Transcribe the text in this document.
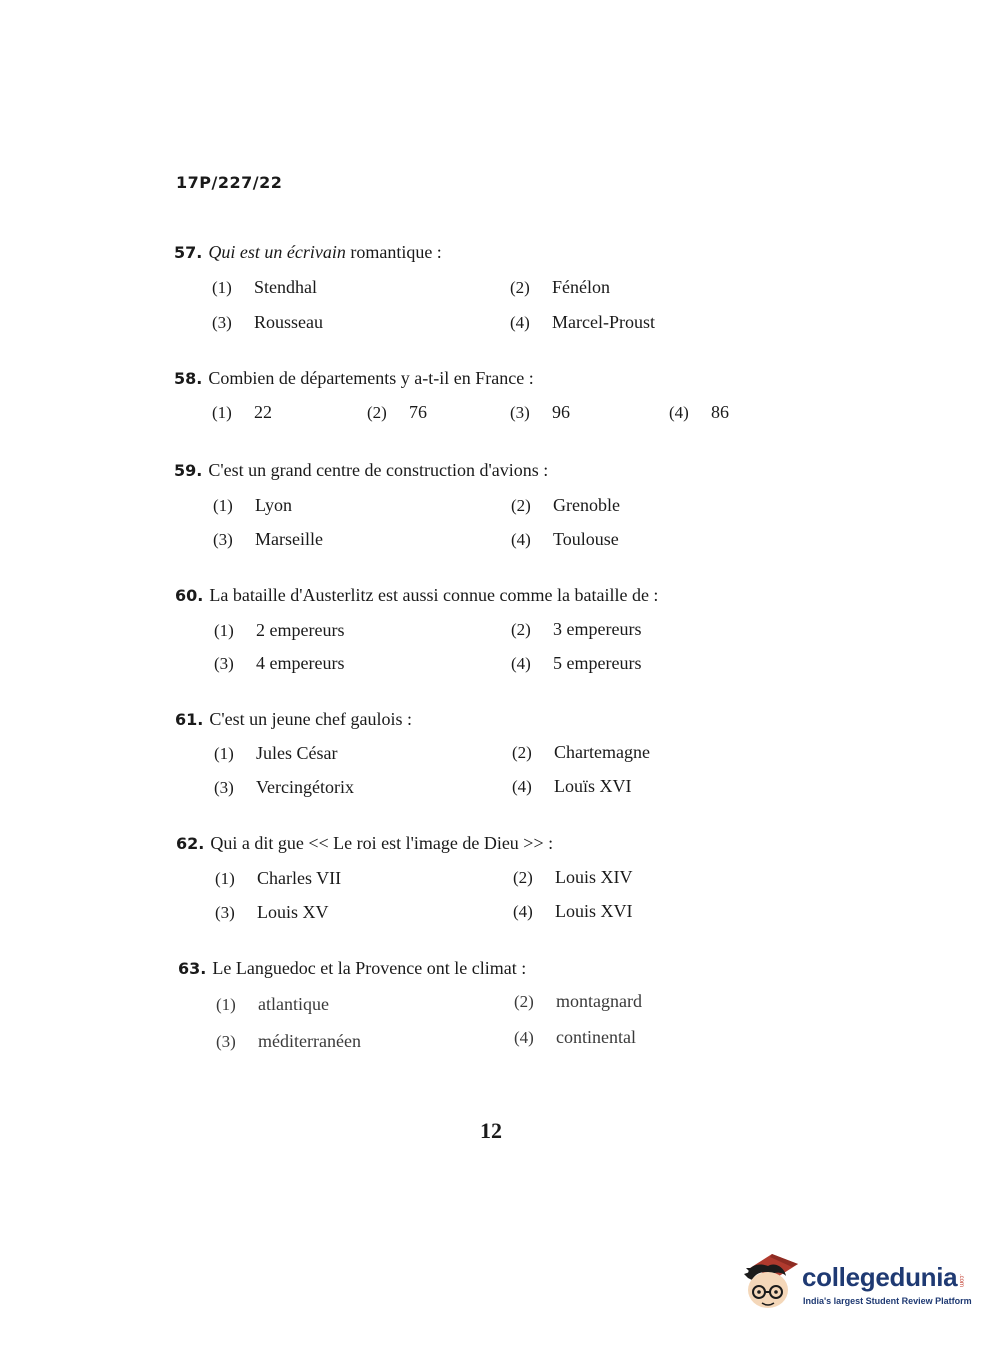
17P/227/22
57. Qui est un écrivain romantique :
(1) Stendhal	(2) Fénélon
(3) Rousseau	(4) Marcel-Proust
58. Combien de départements y a-t-il en France :
(1) 22	(2) 76	(3) 96	(4) 86
59. C'est un grand centre de construction d'avions :
(1) Lyon	(2) Grenoble
(3) Marseille	(4) Toulouse
60. La bataille d'Austerlitz est aussi connue comme la bataille de :
(1) 2 empereurs	(2) 3 empereurs
(3) 4 empereurs	(4) 5 empereurs
61. C'est un jeune chef gaulois :
(1) Jules César	(2) Chartemagne
(3) Vercingétorix	(4) Louïs XVI
62. Qui a dit gue << Le roi est l'image de Dieu >> :
(1) Charles VII	(2) Louis XIV
(3) Louis XV	(4) Louis XVI
63. Le Languedoc et la Provence ont le climat :
(1) atlantique	(2) montagnard
(3) méditerranéen	(4) continental
12
collegedunia .com
India's largest Student Review Platform
